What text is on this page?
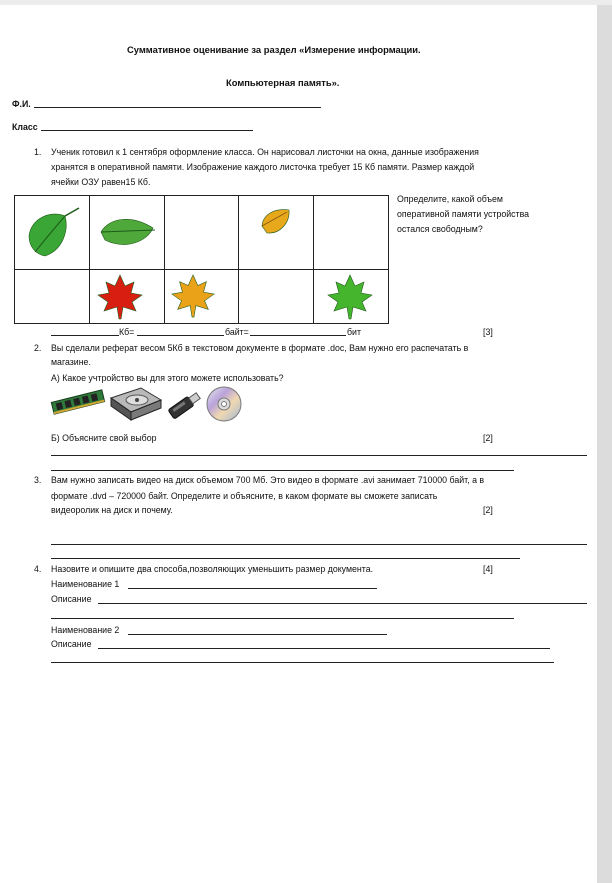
Суммативное оценивание за раздел «Измерение информации.
Компьютерная память».
Ф.И.
Класс
1. Ученик готовил к 1 сентября оформление класса. Он нарисовал листочки на окна, данные изображения
хранятся в оперативной памяти. Изображение каждого листочка требует 15 Кб памяти. Размер каждой
ячейки ОЗУ равен15 Кб.
Определите, какой объем
оперативной памяти устройства
остался свободным?
Кб=	байт=	бит	[3]
2. Вы сделали реферат весом 5Кб в текстовом документе в формате .doc, Вам нужно его распечатать в
магазине.
А) Какое учтройство вы для этого можете использовать?
Б) Объясните свой выбор	[2]
3. Вам нужно записать видео на диск объемом 700 Мб. Это видео в формате .avi занимает 710000 байт, а в
формате .dvd – 720000 байт. Определите и объясните, в каком формате вы сможете записать
видеоролик на диск и почему.	[2]
4. Назовите и опишите два способа,позволяющих уменьшить размер документа.	[4]
Наименование 1
Описание
Наименование 2
Описание
